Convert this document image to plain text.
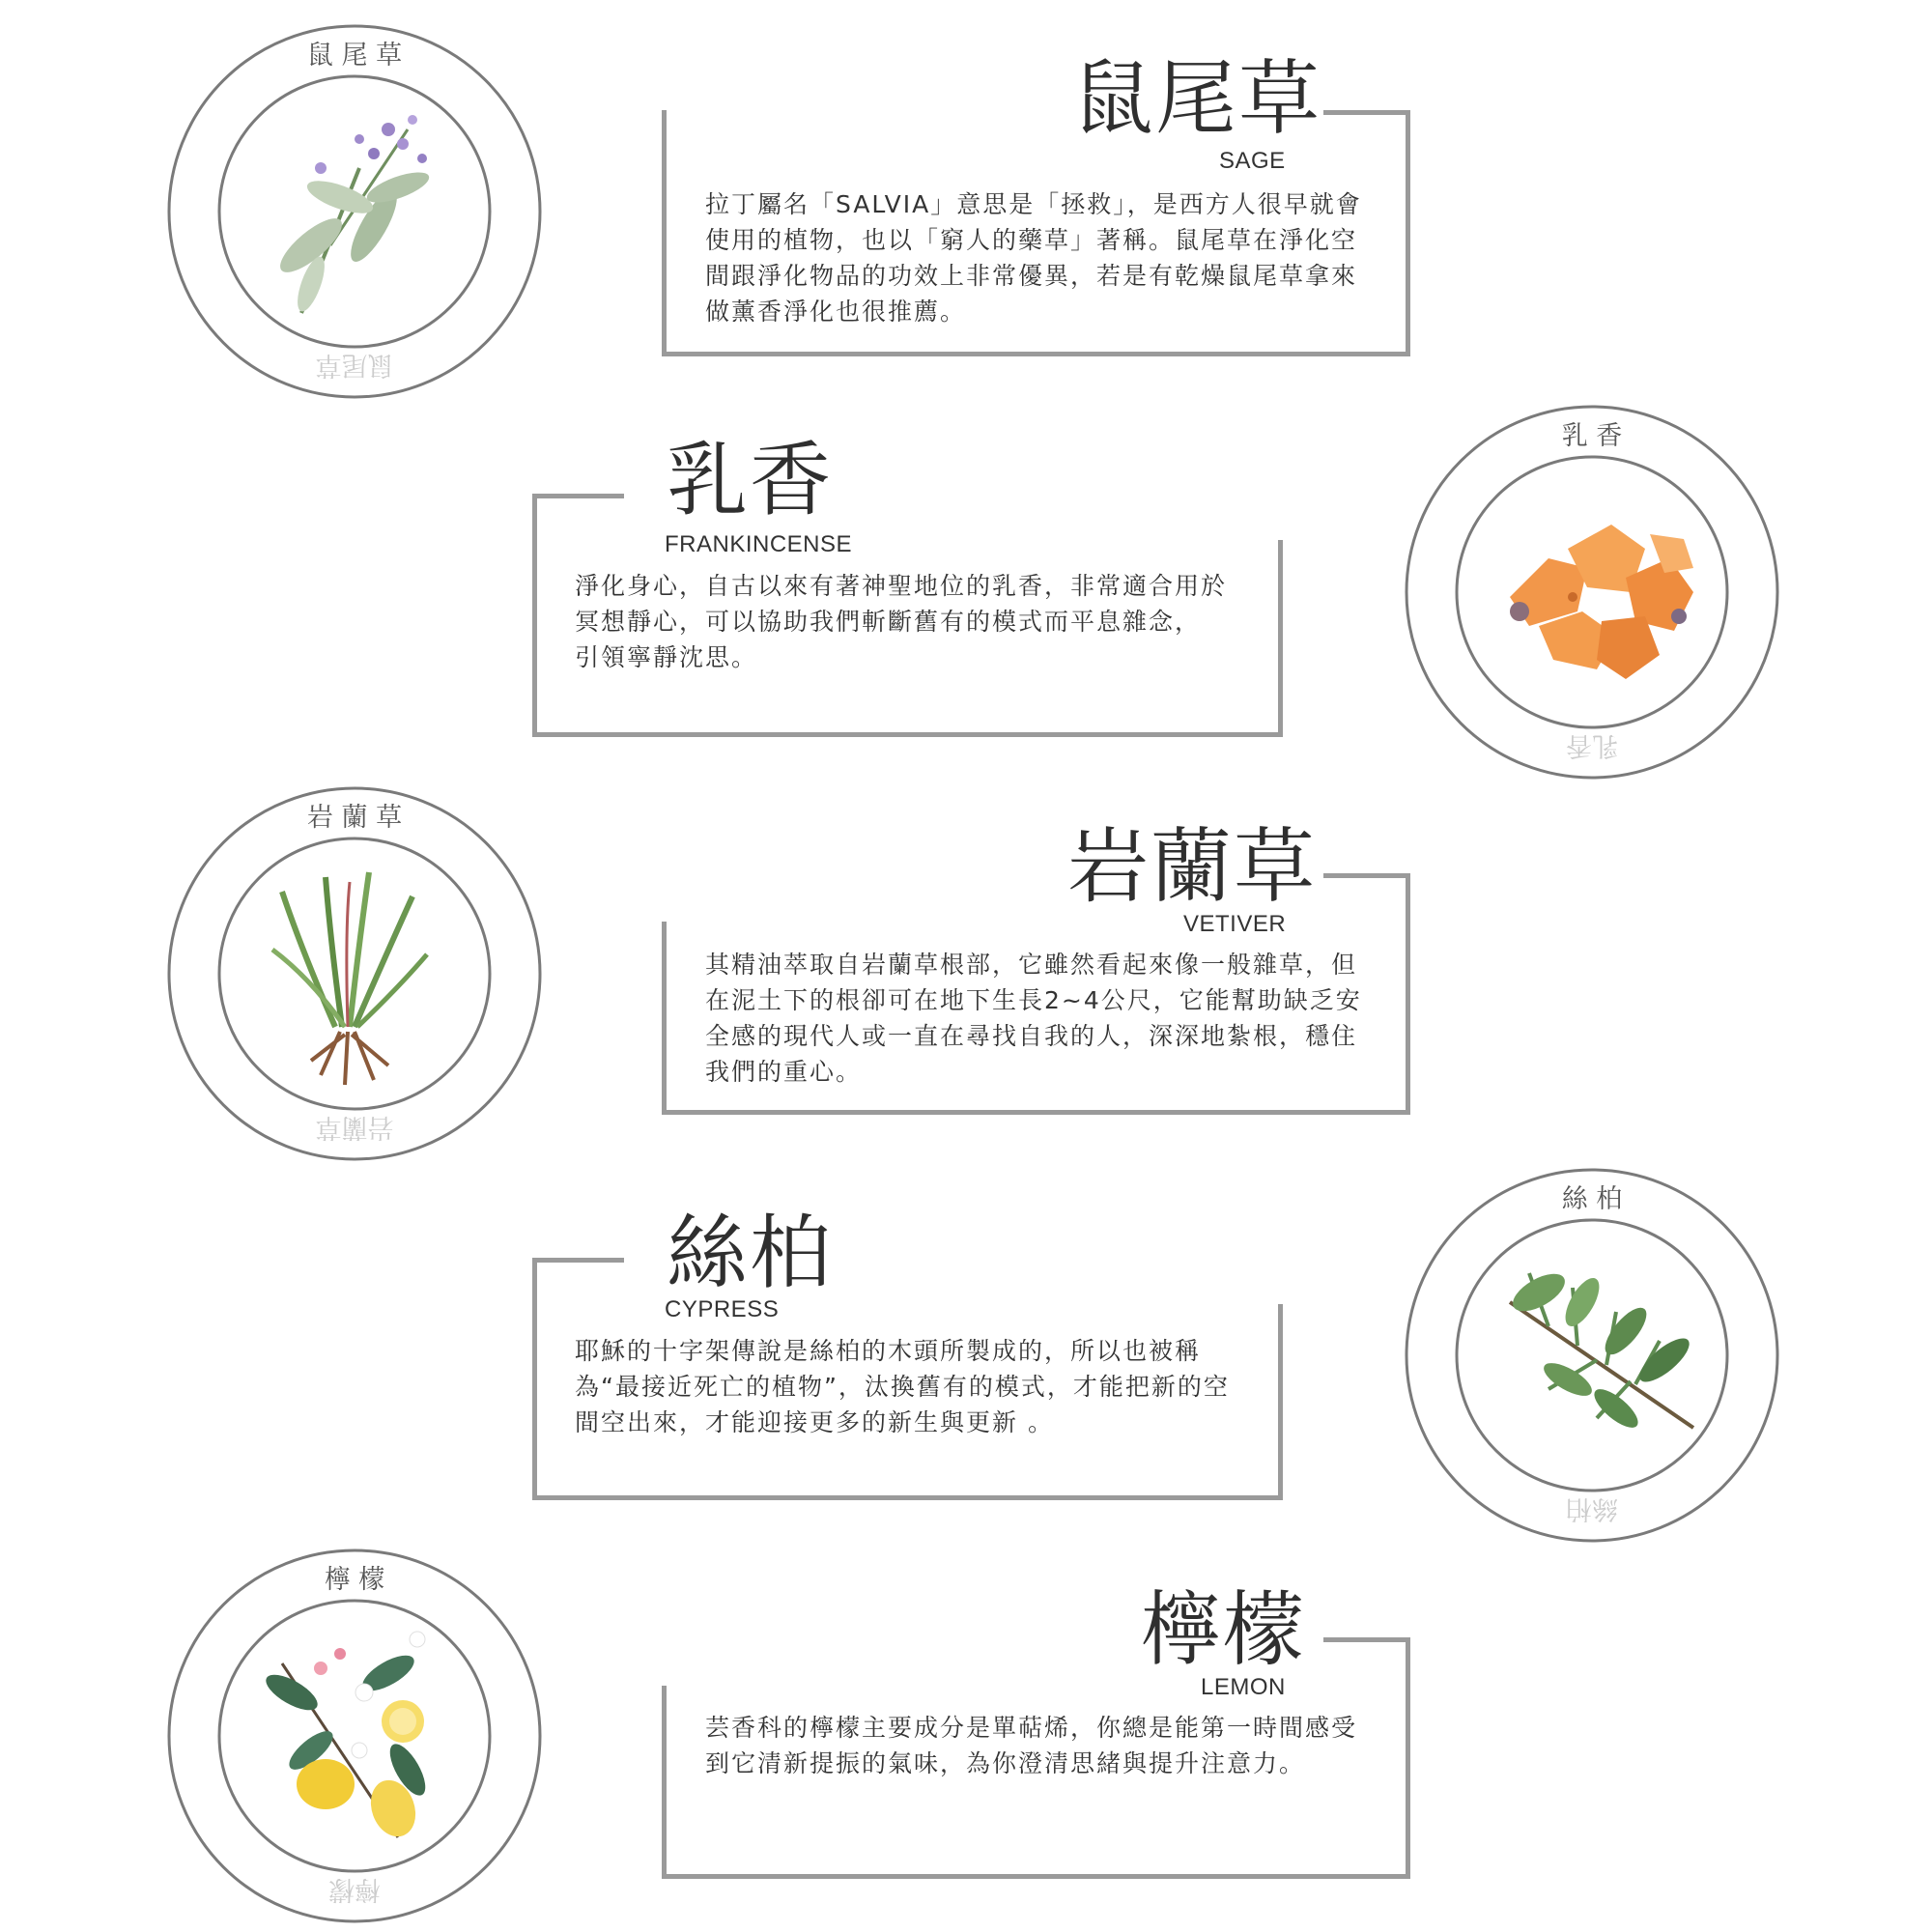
鼠 尾 草
鼠尾草
鼠尾草
SAGE
拉丁屬名「SALVIA」意思是「拯救」，是西方人很早就會
使用的植物，也以「窮人的藥草」著稱。鼠尾草在淨化空
間跟淨化物品的功效上非常優異，若是有乾燥鼠尾草拿來
做薰香淨化也很推薦。
乳 香
乳香
乳香
FRANKINCENSE
淨化身心，自古以來有著神聖地位的乳香，非常適合用於
冥想靜心，可以協助我們斬斷舊有的模式而平息雜念，
引領寧靜沈思。
岩 蘭 草
岩蘭草
岩蘭草
VETIVER
其精油萃取自岩蘭草根部，它雖然看起來像一般雜草，但
在泥土下的根卻可在地下生長2~4公尺，它能幫助缺乏安
全感的現代人或一直在尋找自我的人，深深地紮根，穩住
我們的重心。
絲 柏
絲柏
絲柏
CYPRESS
耶穌的十字架傳說是絲柏的木頭所製成的，所以也被稱
為“最接近死亡的植物”，汰換舊有的模式，才能把新的空
間空出來，才能迎接更多的新生與更新 。
檸 檬
檸檬
檸檬
LEMON
芸香科的檸檬主要成分是單萜烯，你總是能第一時間感受
到它清新提振的氣味，為你澄清思緒與提升注意力。
